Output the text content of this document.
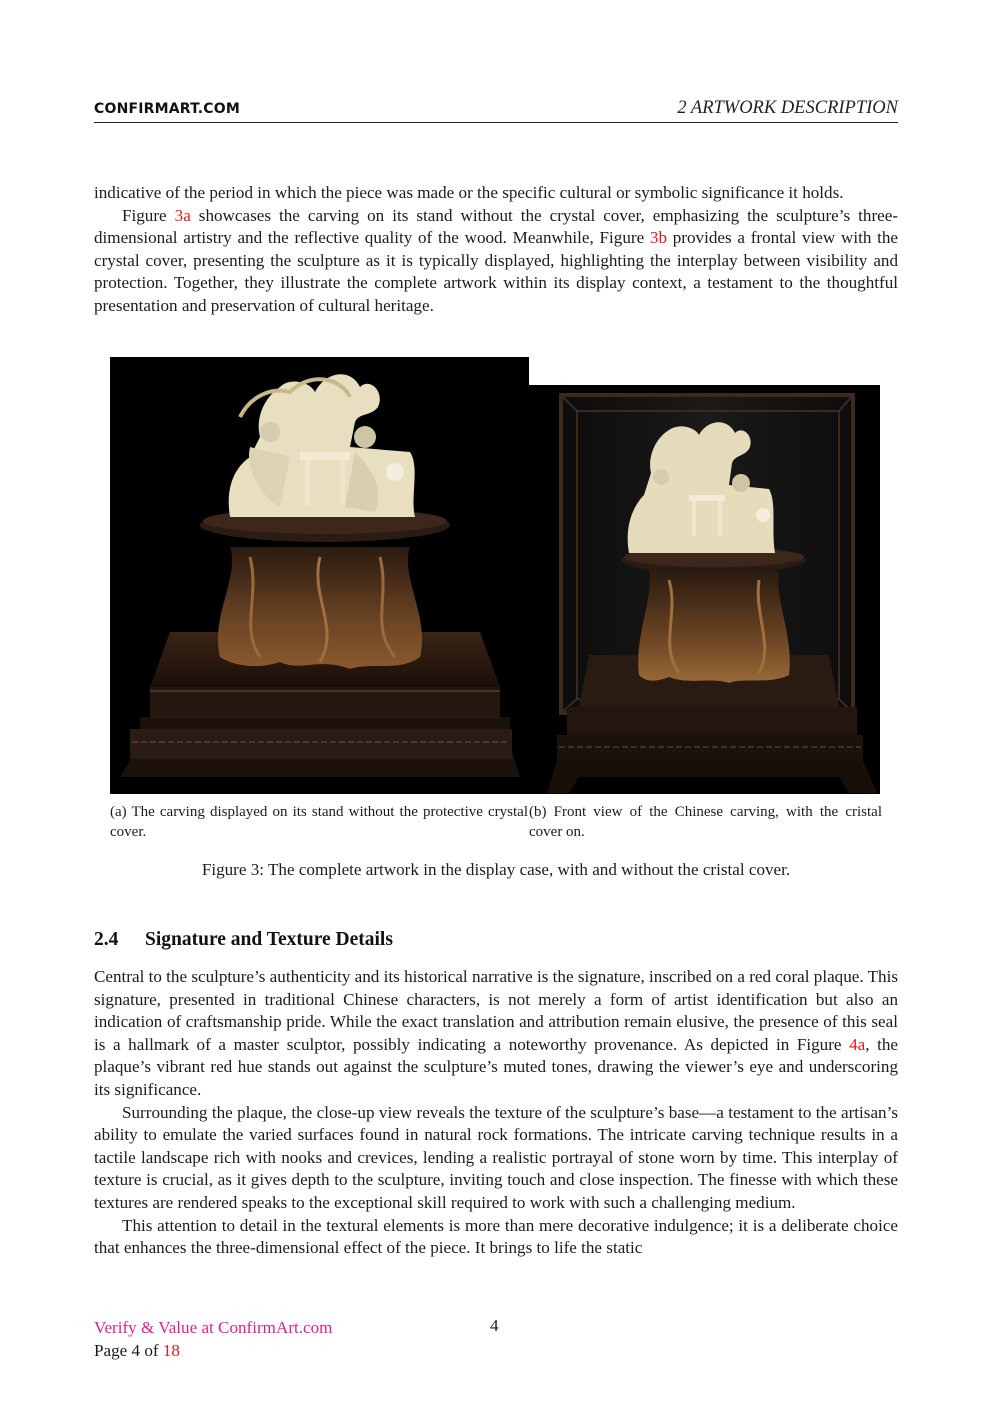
CONFIRMART.COM	2 ARTWORK DESCRIPTION

indicative of the period in which the piece was made or the specific cultural or symbolic significance it holds.

Figure 3a showcases the carving on its stand without the crystal cover, emphasizing the sculpture’s three-dimensional artistry and the reflective quality of the wood. Meanwhile, Figure 3b provides a frontal view with the crystal cover, presenting the sculpture as it is typically displayed, highlighting the interplay between visibility and protection. Together, they illustrate the complete artwork within its display context, a testament to the thoughtful presentation and preservation of cultural heritage.

(a) The carving displayed on its stand without the protective crystal cover.
(b) Front view of the Chinese carving, with the cristal cover on.
Figure 3: The complete artwork in the display case, with and without the cristal cover.
2.4 Signature and Texture Details

Central to the sculpture’s authenticity and its historical narrative is the signature, inscribed on a red coral plaque. This signature, presented in traditional Chinese characters, is not merely a form of artist identification but also an indication of craftsmanship pride. While the exact translation and attribution remain elusive, the presence of this seal is a hallmark of a master sculptor, possibly indicating a noteworthy provenance. As depicted in Figure 4a, the plaque’s vibrant red hue stands out against the sculpture’s muted tones, drawing the viewer’s eye and underscoring its significance.

Surrounding the plaque, the close-up view reveals the texture of the sculpture’s base—a testament to the artisan’s ability to emulate the varied surfaces found in natural rock formations. The intricate carving technique results in a tactile landscape rich with nooks and crevices, lending a realistic portrayal of stone worn by time. This interplay of texture is crucial, as it gives depth to the sculpture, inviting touch and close inspection. The finesse with which these textures are rendered speaks to the exceptional skill required to work with such a challenging medium.

This attention to detail in the textural elements is more than mere decorative indulgence; it is a deliberate choice that enhances the three-dimensional effect of the piece. It brings to life the static

Verify & Value at ConfirmArt.com
Page 4 of 18
4
